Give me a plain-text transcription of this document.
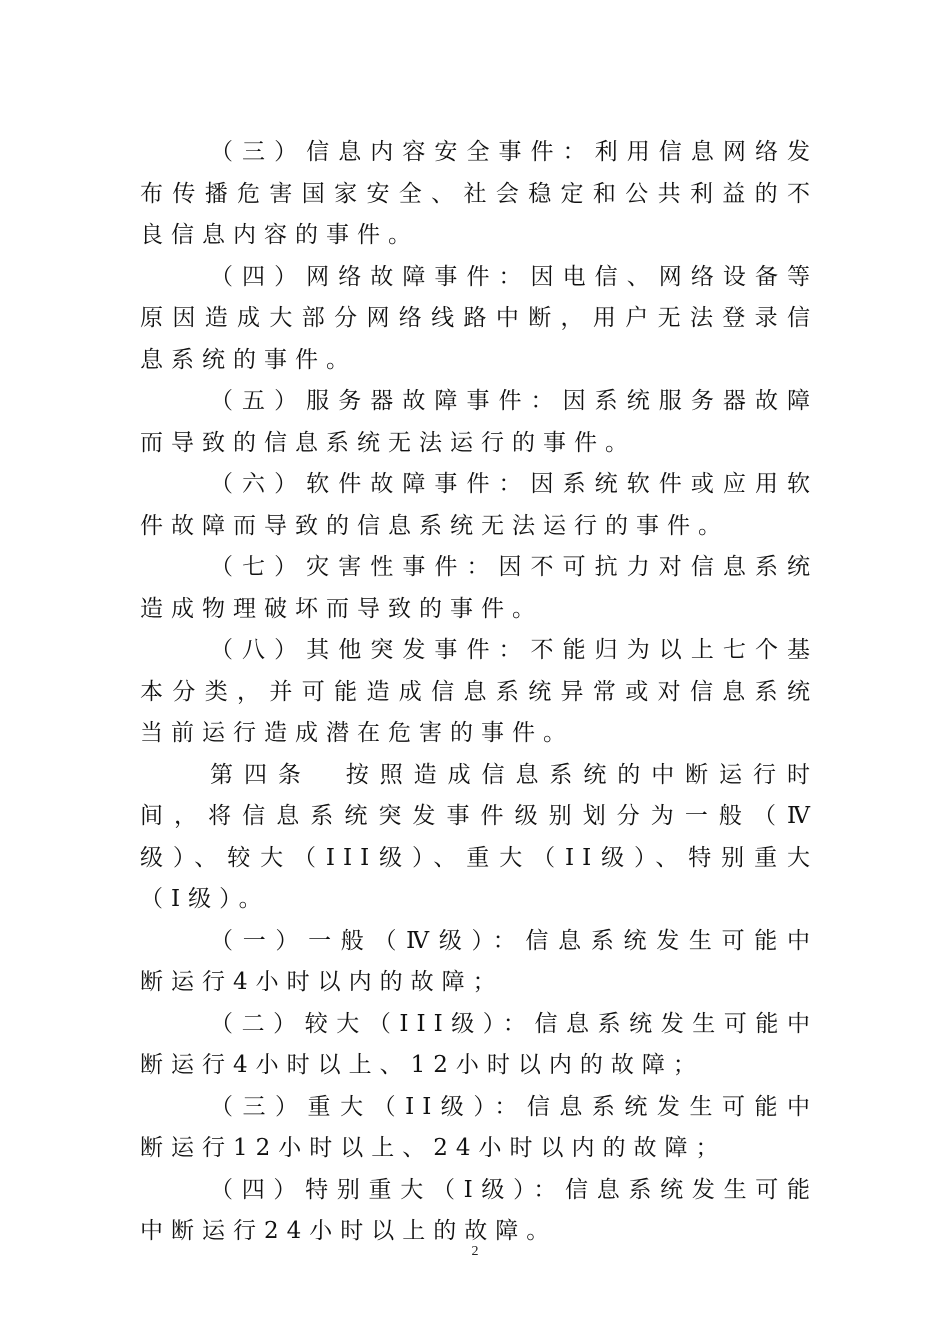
（三）信息内容安全事件：利用信息网络发布传播危害国家安全、社会稳定和公共利益的不良信息内容的事件。

（四）网络故障事件：因电信、网络设备等原因造成大部分网络线路中断，用户无法登录信息系统的事件。

（五）服务器故障事件：因系统服务器故障而导致的信息系统无法运行的事件。

（六）软件故障事件：因系统软件或应用软件故障而导致的信息系统无法运行的事件。

（七）灾害性事件：因不可抗力对信息系统造成物理破坏而导致的事件。

（八）其他突发事件：不能归为以上七个基本分类，并可能造成信息系统异常或对信息系统当前运行造成潜在危害的事件。

第四条　按照造成信息系统的中断运行时间，将信息系统突发事件级别划分为一般（Ⅳ级）、较大（III级）、重大（II级）、特别重大（I级）。

（一）一般（Ⅳ级）：信息系统发生可能中断运行4小时以内的故障；

（二）较大（III级）：信息系统发生可能中断运行4小时以上、12小时以内的故障；

（三）重大（II级）：信息系统发生可能中断运行12小时以上、24小时以内的故障；

（四）特别重大（I级）：信息系统发生可能中断运行24小时以上的故障。

2
